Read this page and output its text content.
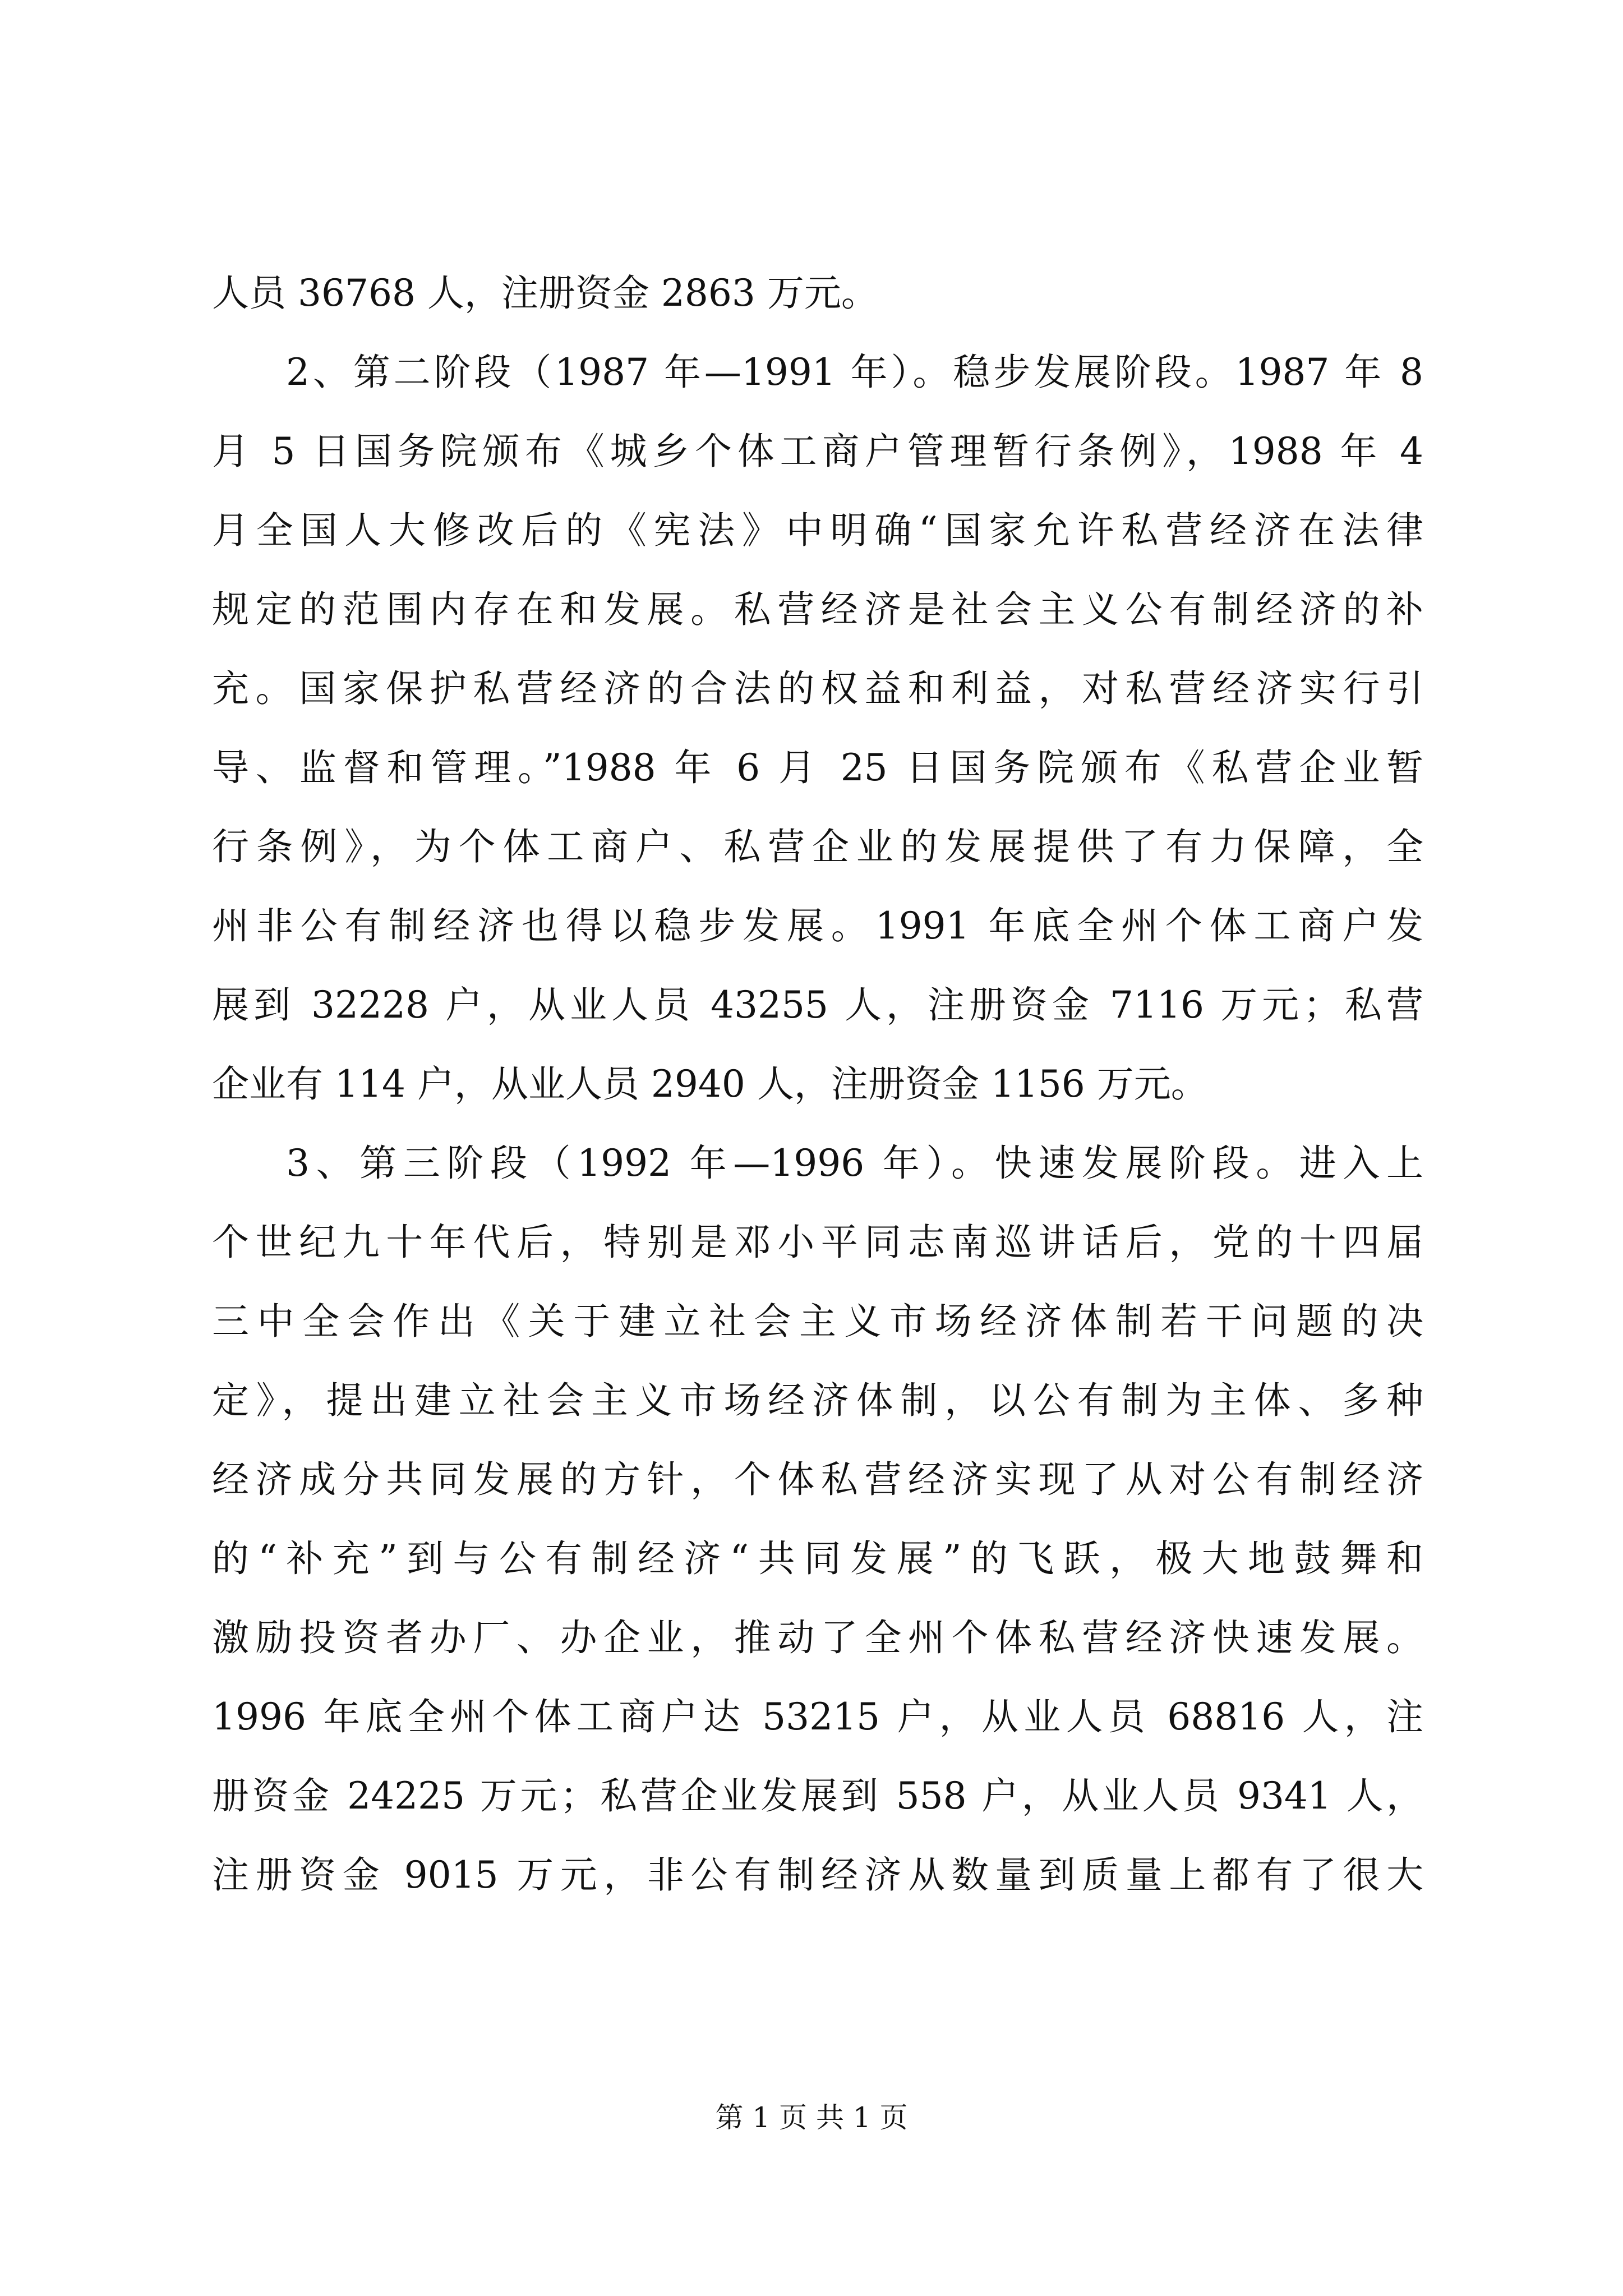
人员 36768 人，注册资金 2863 万元。
2、第二阶段（1987 年—1991 年）。稳步发展阶段。1987 年 8
月 5 日国务院颁布《城乡个体工商户管理暂行条例》，1988 年 4
月全国人大修改后的《宪法》中明确“国家允许私营经济在法律
规定的范围内存在和发展。私营经济是社会主义公有制经济的补
充。国家保护私营经济的合法的权益和利益，对私营经济实行引
导、监督和管理。”1988 年 6 月 25 日国务院颁布《私营企业暂
行条例》，为个体工商户、私营企业的发展提供了有力保障，全
州非公有制经济也得以稳步发展。1991 年底全州个体工商户发
展到 32228 户，从业人员 43255 人，注册资金 7116 万元；私营
企业有 114 户，从业人员 2940 人，注册资金 1156 万元。
3、第三阶段（1992 年—1996 年）。快速发展阶段。进入上
个世纪九十年代后，特别是邓小平同志南巡讲话后，党的十四届
三中全会作出《关于建立社会主义市场经济体制若干问题的决
定》，提出建立社会主义市场经济体制，以公有制为主体、多种
经济成分共同发展的方针，个体私营经济实现了从对公有制经济
的“补充”到与公有制经济“共同发展”的飞跃，极大地鼓舞和
激励投资者办厂、办企业，推动了全州个体私营经济快速发展。
1996 年底全州个体工商户达 53215 户，从业人员 68816 人，注
册资金 24225 万元；私营企业发展到 558 户，从业人员 9341 人，
注册资金 9015 万元，非公有制经济从数量到质量上都有了很大
第 1 页 共 1 页
